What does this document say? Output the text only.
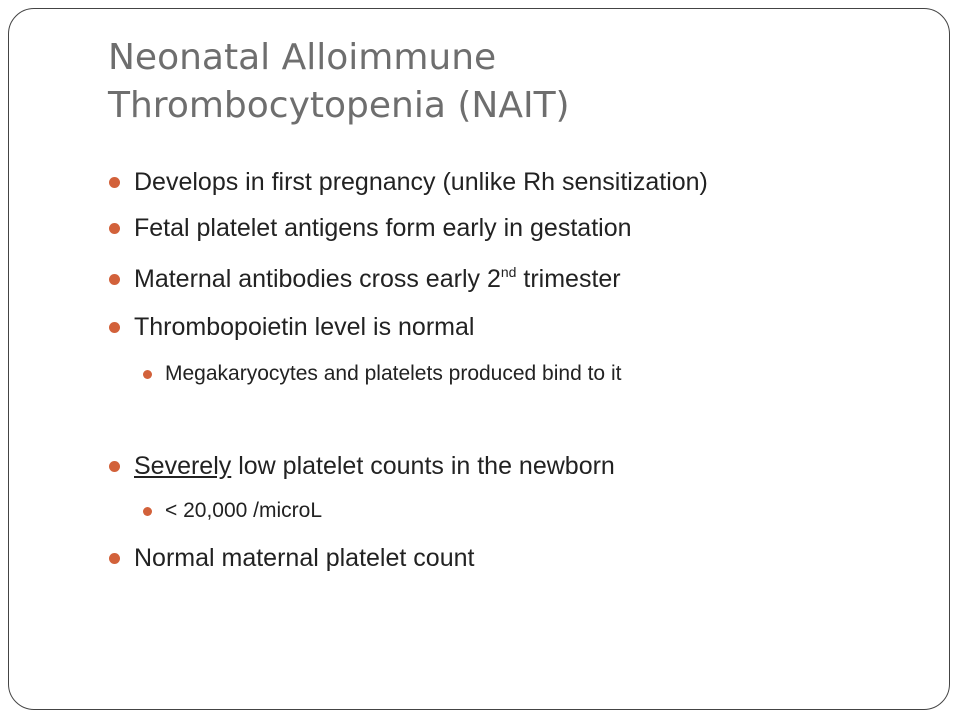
Neonatal Alloimmune
Thrombocytopenia (NAIT)
Develops in first pregnancy (unlike Rh sensitization)
Fetal platelet antigens form early in gestation
Maternal antibodies cross early 2nd trimester
Thrombopoietin level is normal
Megakaryocytes and platelets produced bind to it
Severely low platelet counts in the newborn
< 20,000 /microL
Normal maternal platelet count
